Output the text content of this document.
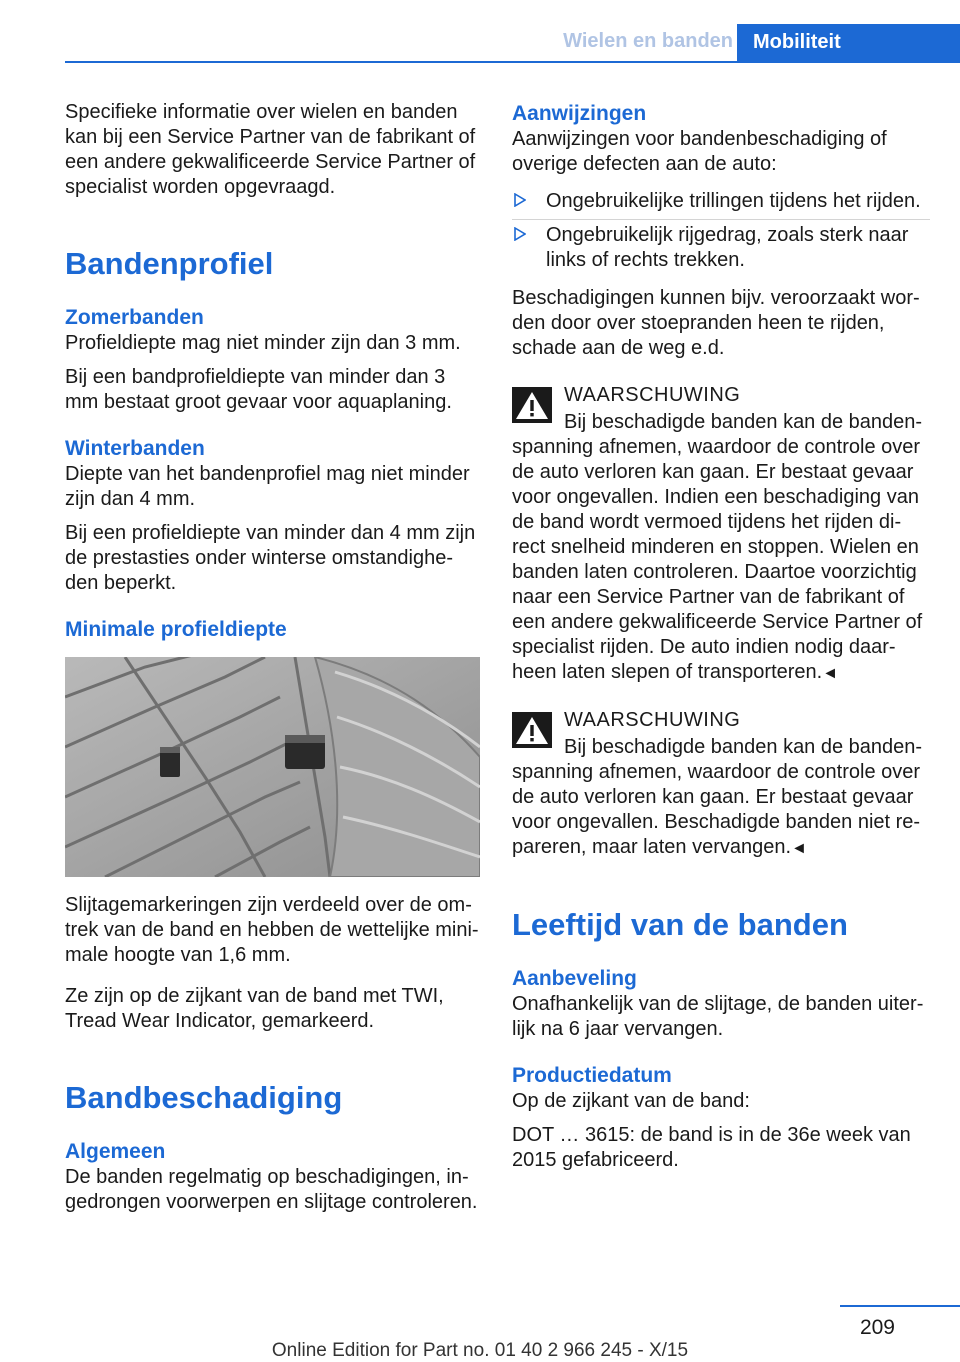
Wielen en banden	Mobiliteit

Specifieke informatie over wielen en banden kan bij een Service Partner van de fabrikant of een andere gekwalificeerde Service Partner of specialist worden opgevraagd.

Bandenprofiel
Zomerbanden

Profieldiepte mag niet minder zijn dan 3 mm.

Bij een bandprofieldiepte van minder dan 3 mm bestaat groot gevaar voor aquaplaning.

Winterbanden

Diepte van het bandenprofiel mag niet minder zijn dan 4 mm.

Bij een profieldiepte van minder dan 4 mm zijn de prestasties onder winterse omstandighe‐den beperkt.

Minimale profieldiepte

Slijtagemarkeringen zijn verdeeld over de om‐trek van de band en hebben de wettelijke mini‐male hoogte van 1,6 mm.

Ze zijn op de zijkant van de band met TWI, Tread Wear Indicator, gemarkeerd.

Bandbeschadiging
Algemeen

De banden regelmatig op beschadigingen, in‐gedrongen voorwerpen en slijtage controleren.

Aanwijzingen

Aanwijzingen voor bandenbeschadiging of overige defecten aan de auto:

Ongebruikelijke trillingen tijdens het rijden.
Ongebruikelijk rijgedrag, zoals sterk naar links of rechts trekken.

Beschadigingen kunnen bijv. veroorzaakt wor‐den door over stoepranden heen te rijden, schade aan de weg e.d.

WAARSCHUWING

Bij beschadigde banden kan de banden‐spanning afnemen, waardoor de controle over de auto verloren kan gaan. Er bestaat gevaar voor ongevallen. Indien een beschadiging van de band wordt vermoed tijdens het rijden di‐rect snelheid minderen en stoppen. Wielen en banden laten controleren. Daartoe voorzichtig naar een Service Partner van de fabrikant of een andere gekwalificeerde Service Partner of specialist rijden. De auto indien nodig daar‐heen laten slepen of transporteren.◄

WAARSCHUWING

Bij beschadigde banden kan de banden‐spanning afnemen, waardoor de controle over de auto verloren kan gaan. Er bestaat gevaar voor ongevallen. Beschadigde banden niet re‐pareren, maar laten vervangen.◄

Leeftijd van de banden
Aanbeveling

Onafhankelijk van de slijtage, de banden uiter‐lijk na 6 jaar vervangen.

Productiedatum

Op de zijkant van de band:

DOT … 3615: de band is in de 36e week van 2015 gefabriceerd.

209
Online Edition for Part no. 01 40 2 966 245 - X/15
